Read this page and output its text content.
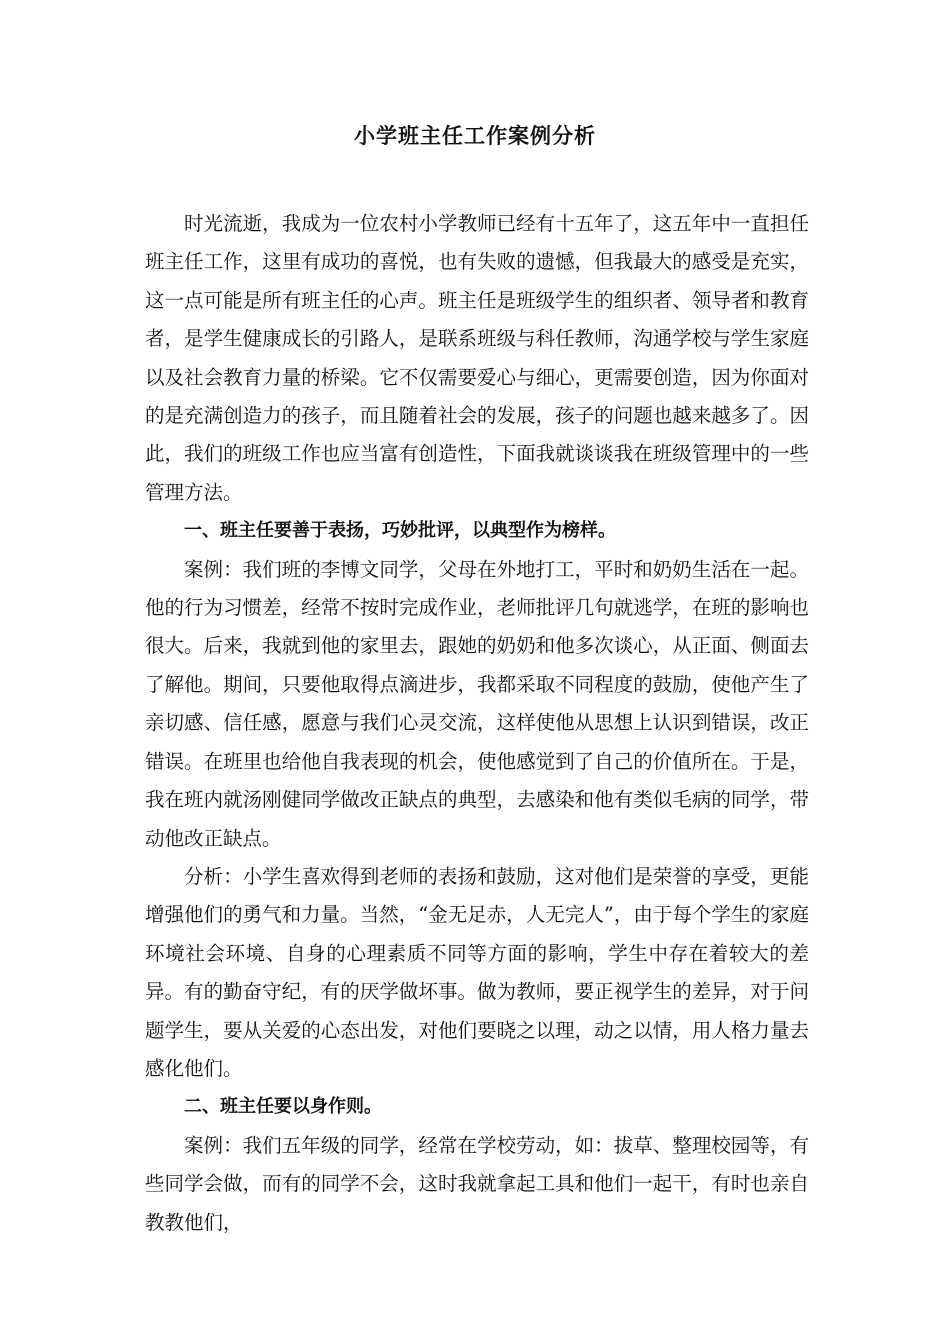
小学班主任工作案例分析

时光流逝，我成为一位农村小学教师已经有十五年了，这五年中一直担任班主任工作，这里有成功的喜悦，也有失败的遗憾，但我最大的感受是充实，这一点可能是所有班主任的心声。班主任是班级学生的组织者、领导者和教育者，是学生健康成长的引路人，是联系班级与科任教师，沟通学校与学生家庭以及社会教育力量的桥梁。它不仅需要爱心与细心，更需要创造，因为你面对的是充满创造力的孩子，而且随着社会的发展，孩子的问题也越来越多了。因此，我们的班级工作也应当富有创造性，下面我就谈谈我在班级管理中的一些管理方法。

一、班主任要善于表扬，巧妙批评，以典型作为榜样。

案例：我们班的李博文同学，父母在外地打工，平时和奶奶生活在一起。他的行为习惯差，经常不按时完成作业，老师批评几句就逃学，在班的影响也很大。后来，我就到他的家里去，跟她的奶奶和他多次谈心，从正面、侧面去了解他。期间，只要他取得点滴进步，我都采取不同程度的鼓励，使他产生了亲切感、信任感，愿意与我们心灵交流，这样使他从思想上认识到错误，改正错误。在班里也给他自我表现的机会，使他感觉到了自己的价值所在。于是，我在班内就汤刚健同学做改正缺点的典型，去感染和他有类似毛病的同学，带动他改正缺点。

分析：小学生喜欢得到老师的表扬和鼓励，这对他们是荣誉的享受，更能增强他们的勇气和力量。当然，“金无足赤，人无完人”，由于每个学生的家庭环境社会环境、自身的心理素质不同等方面的影响，学生中存在着较大的差异。有的勤奋守纪，有的厌学做坏事。做为教师，要正视学生的差异，对于问题学生，要从关爱的心态出发，对他们要晓之以理，动之以情，用人格力量去感化他们。

二、班主任要以身作则。

案例：我们五年级的同学，经常在学校劳动，如：拔草、整理校园等，有些同学会做，而有的同学不会，这时我就拿起工具和他们一起干，有时也亲自教教他们，
